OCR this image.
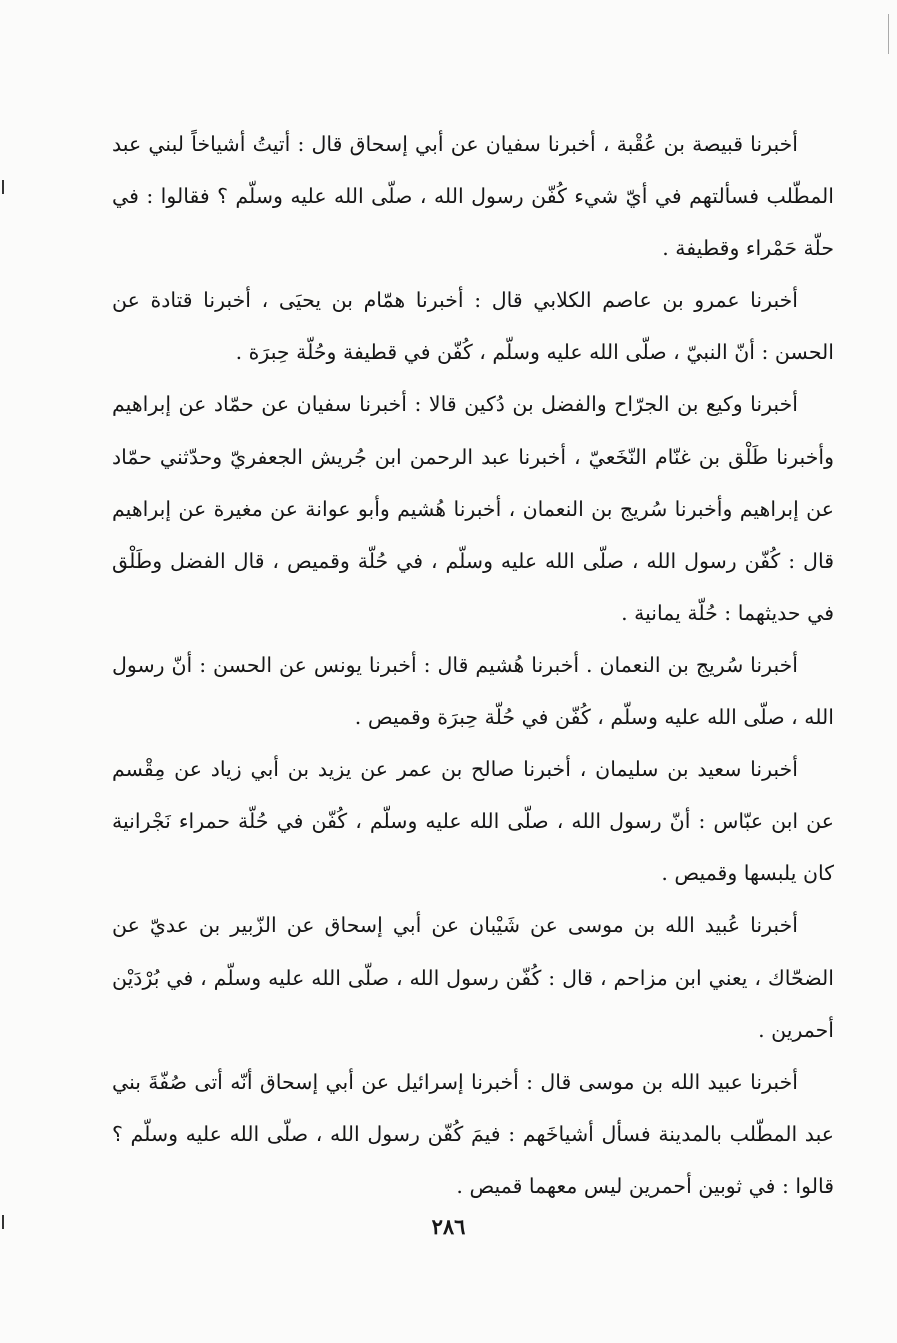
أخبرنا قبيصة بن عُقْبة ، أخبرنا سفيان عن أبي إسحاق قال : أتيتُ أشياخاً لبني عبد المطّلب فسألتهم في أيّ شيء كُفّن رسول الله ، صلّى الله عليه وسلّم ؟ فقالوا : في حلّة حَمْراء وقطيفة .

أخبرنا عمرو بن عاصم الكلابي قال : أخبرنا همّام بن يحيَى ، أخبرنا قتادة عن الحسن : أنّ النبيّ ، صلّى الله عليه وسلّم ، كُفّن في قطيفة وحُلّة حِبرَة .

أخبرنا وكيع بن الجرّاح والفضل بن دُكين قالا : أخبرنا سفيان عن حمّاد عن إبراهيم وأخبرنا طَلْق بن غنّام النّخَعيّ ، أخبرنا عبد الرحمن ابن جُريش الجعفريّ وحدّثني حمّاد عن إبراهيم وأخبرنا سُريج بن النعمان ، أخبرنا هُشيم وأبو عوانة عن مغيرة عن إبراهيم قال : كُفّن رسول الله ، صلّى الله عليه وسلّم ، في حُلّة وقميص ، قال الفضل وطَلْق في حديثهما : حُلّة يمانية .

أخبرنا سُريج بن النعمان . أخبرنا هُشيم قال : أخبرنا يونس عن الحسن : أنّ رسول الله ، صلّى الله عليه وسلّم ، كُفّن في حُلّة حِبرَة وقميص .

أخبرنا سعيد بن سليمان ، أخبرنا صالح بن عمر عن يزيد بن أبي زياد عن مِقْسم عن ابن عبّاس : أنّ رسول الله ، صلّى الله عليه وسلّم ، كُفّن في حُلّة حمراء نَجْرانية كان يلبسها وقميص .

أخبرنا عُبيد الله بن موسى عن شَيْبان عن أبي إسحاق عن الزّبير بن عديّ عن الضحّاك ، يعني ابن مزاحم ، قال : كُفّن رسول الله ، صلّى الله عليه وسلّم ، في بُرْدَيْن أحمرين .

أخبرنا عبيد الله بن موسى قال : أخبرنا إسرائيل عن أبي إسحاق أنّه أتى صُفّةَ بني عبد المطّلب بالمدينة فسأل أشياخَهم : فيمَ كُفّن رسول الله ، صلّى الله عليه وسلّم ؟ قالوا : في ثوبين أحمرين ليس معهما قميص .

٢٨٦
